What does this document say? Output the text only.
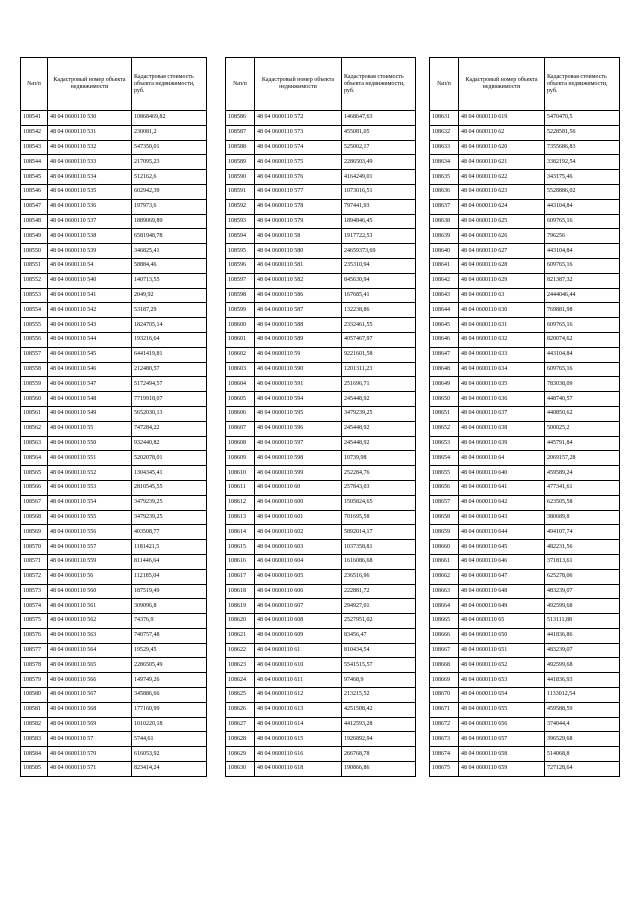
№п/п	Кадастровый номер объекта недвижимости	Кадастровая стоимость объекта недвижимости, руб.
108541	48 04 0600110 530	10868469,82
108542	48 04 0600110 531	230081,2
108543	48 04 0600110 532	547350,01
108544	48 04 0600110 533	217095,23
108545	48 04 0600110 534	512162,6
108546	48 04 0600110 535	602942,39
108547	48 04 0600110 536	197973,6
108548	48 04 0600110 537	1889069,89
108549	48 04 0600110 538	6581948,78
108550	48 04 0600110 539	346825,41
108551	48 04 0600110 54	58884,46
108552	48 04 0600110 540	140713,55
108553	48 04 0600110 541	2049,92
108554	48 04 0600110 542	53187,29
108555	48 04 0600110 543	1824705,14
108556	48 04 0600110 544	193216,64
108557	48 04 0600110 545	6441419,81
108558	48 04 0600110 546	212480,57
108559	48 04 0600110 547	5172494,57
108560	48 04 0600110 548	7719918,07
108561	48 04 0600110 549	5652030,13
108562	48 04 0600110 55	747284,22
108563	48 04 0600110 550	932440,82
108564	48 04 0600110 551	5202078,01
108565	48 04 0600110 552	1304345,41
108566	48 04 0600110 553	2810545,55
108567	48 04 0600110 554	3479239,25
108568	48 04 0600110 555	3479239,25
108569	48 04 0600110 556	403508,77
108570	48 04 0600110 557	1181421,5
108571	48 04 0600110 559	811446,64
108572	48 04 0600110 56	112185,04
108573	48 04 0600110 560	187519,49
108574	48 04 0600110 561	309096,8
108575	48 04 0600110 562	74376,9
108576	48 04 0600110 563	740757,48
108577	48 04 0600110 564	19529,45
108578	48 04 0600110 565	2286505,49
108579	48 04 0600110 566	149749,26
108580	48 04 0600110 567	345886,66
108581	48 04 0600110 568	177160,99
108582	48 04 0600110 569	1010220,18
108583	48 04 0600110 57	5744,61
108584	48 04 0600110 570	616053,92
108585	48 04 0600110 571	823414,24
№п/п	Кадастровый номер объекта недвижимости	Кадастровая стоимость объекта недвижимости, руб.
108586	48 04 0600110 572	1468647,63
108587	48 04 0600110 573	455081,05
108588	48 04 0600110 574	525002,17
108589	48 04 0600110 575	2286503,49
108590	48 04 0600110 576	4164249,01
108591	48 04 0600110 577	1073016,51
108592	48 04 0600110 578	797441,93
108593	48 04 0600110 579	1894846,45
108594	48 04 0600110 58	1917722,53
108595	48 04 0600110 580	24659373,69
108596	48 04 0600110 581	235310,94
108597	48 04 0600110 582	845630,94
108598	48 04 0600110 586	167685,41
108599	48 04 0600110 587	132238,86
108600	48 04 0600110 588	2332461,55
108601	48 04 0600110 589	4057467,97
108602	48 04 0600110 59	9221601,58
108603	48 04 0600110 590	1201311,23
108604	48 04 0600110 591	251696,71
108605	48 04 0600110 594	245448,92
108606	48 04 0600110 595	3479239,25
108607	48 04 0600110 596	245448,92
108608	48 04 0600110 597	245448,92
108609	48 04 0600110 598	10739,98
108610	48 04 0600110 599	252284,76
108611	48 04 0600110 60	257843,03
108612	48 04 0600110 600	1505824,65
108613	48 04 0600110 601	701695,58
108614	48 04 0600110 602	5892014,17
108615	48 04 0600110 603	1037358,81
108616	48 04 0600110 604	1616086,68
108617	48 04 0600110 605	236516,96
108618	48 04 0600110 606	222881,72
108619	48 04 0600110 607	294927,01
108620	48 04 0600110 608	2527951,02
108621	48 04 0600110 609	83456,47
108622	48 04 0600110 61	810434,54
108623	48 04 0600110 610	5541515,57
108624	48 04 0600110 611	97468,9
108625	48 04 0600110 612	213215,52
108626	48 04 0600110 613	4251508,42
108627	48 04 0600110 614	4412593,28
108628	48 04 0600110 615	1926892,94
108629	48 04 0600110 616	266768,78
108630	48 04 0600110 618	190866,86
№п/п	Кадастровый номер объекта недвижимости	Кадастровая стоимость объекта недвижимости, руб.
108631	48 04 0600110 619	5470470,5
108632	48 04 0600110 62	5228581,56
108633	48 04 0600110 620	7355686,83
108634	48 04 0600110 621	3382192,54
108635	48 04 0600110 622	343175,46
108636	48 04 0600110 623	5528886,02
108637	48 04 0600110 624	443104,84
108638	48 04 0600110 625	609765,16
108639	48 04 0600110 626	796256
108640	48 04 0600110 627	443104,84
108641	48 04 0600110 628	609765,16
108642	48 04 0600110 629	821387,32
108643	48 04 0600110 63	2444046,44
108644	48 04 0600110 630	769881,98
108645	48 04 0600110 631	609765,16
108646	48 04 0600110 632	820074,62
108647	48 04 0600110 633	443104,84
108648	48 04 0600110 634	609765,16
108649	48 04 0600110 635	783038,09
108650	48 04 0600110 636	448740,57
108651	48 04 0600110 637	440850,62
108652	48 04 0600110 638	500025,2
108653	48 04 0600110 639	445791,84
108654	48 04 0600110 64	2069157,28
108655	48 04 0600110 640	459589,24
108656	48 04 0600110 641	477341,61
108657	48 04 0600110 642	623505,58
108658	48 04 0600110 643	380689,8
108659	48 04 0600110 644	494107,74
108660	48 04 0600110 645	482231,56
108661	48 04 0600110 646	371813,61
108662	48 04 0600110 647	625278,06
108663	48 04 0600110 648	483239,07
108664	48 04 0600110 649	492599,68
108665	48 04 0600110 65	513111,88
108666	48 04 0600110 650	441836,86
108667	48 04 0600110 651	483239,07
108668	48 04 0600110 652	492599,68
108669	48 04 0600110 653	441836,93
108670	48 04 0600110 654	1133012,54
108671	48 04 0600110 655	459588,59
108672	48 04 0600110 656	374044,4
108673	48 04 0600110 657	396529,68
108674	48 04 0600110 658	514068,8
108675	48 04 0600110 659	727128,64
